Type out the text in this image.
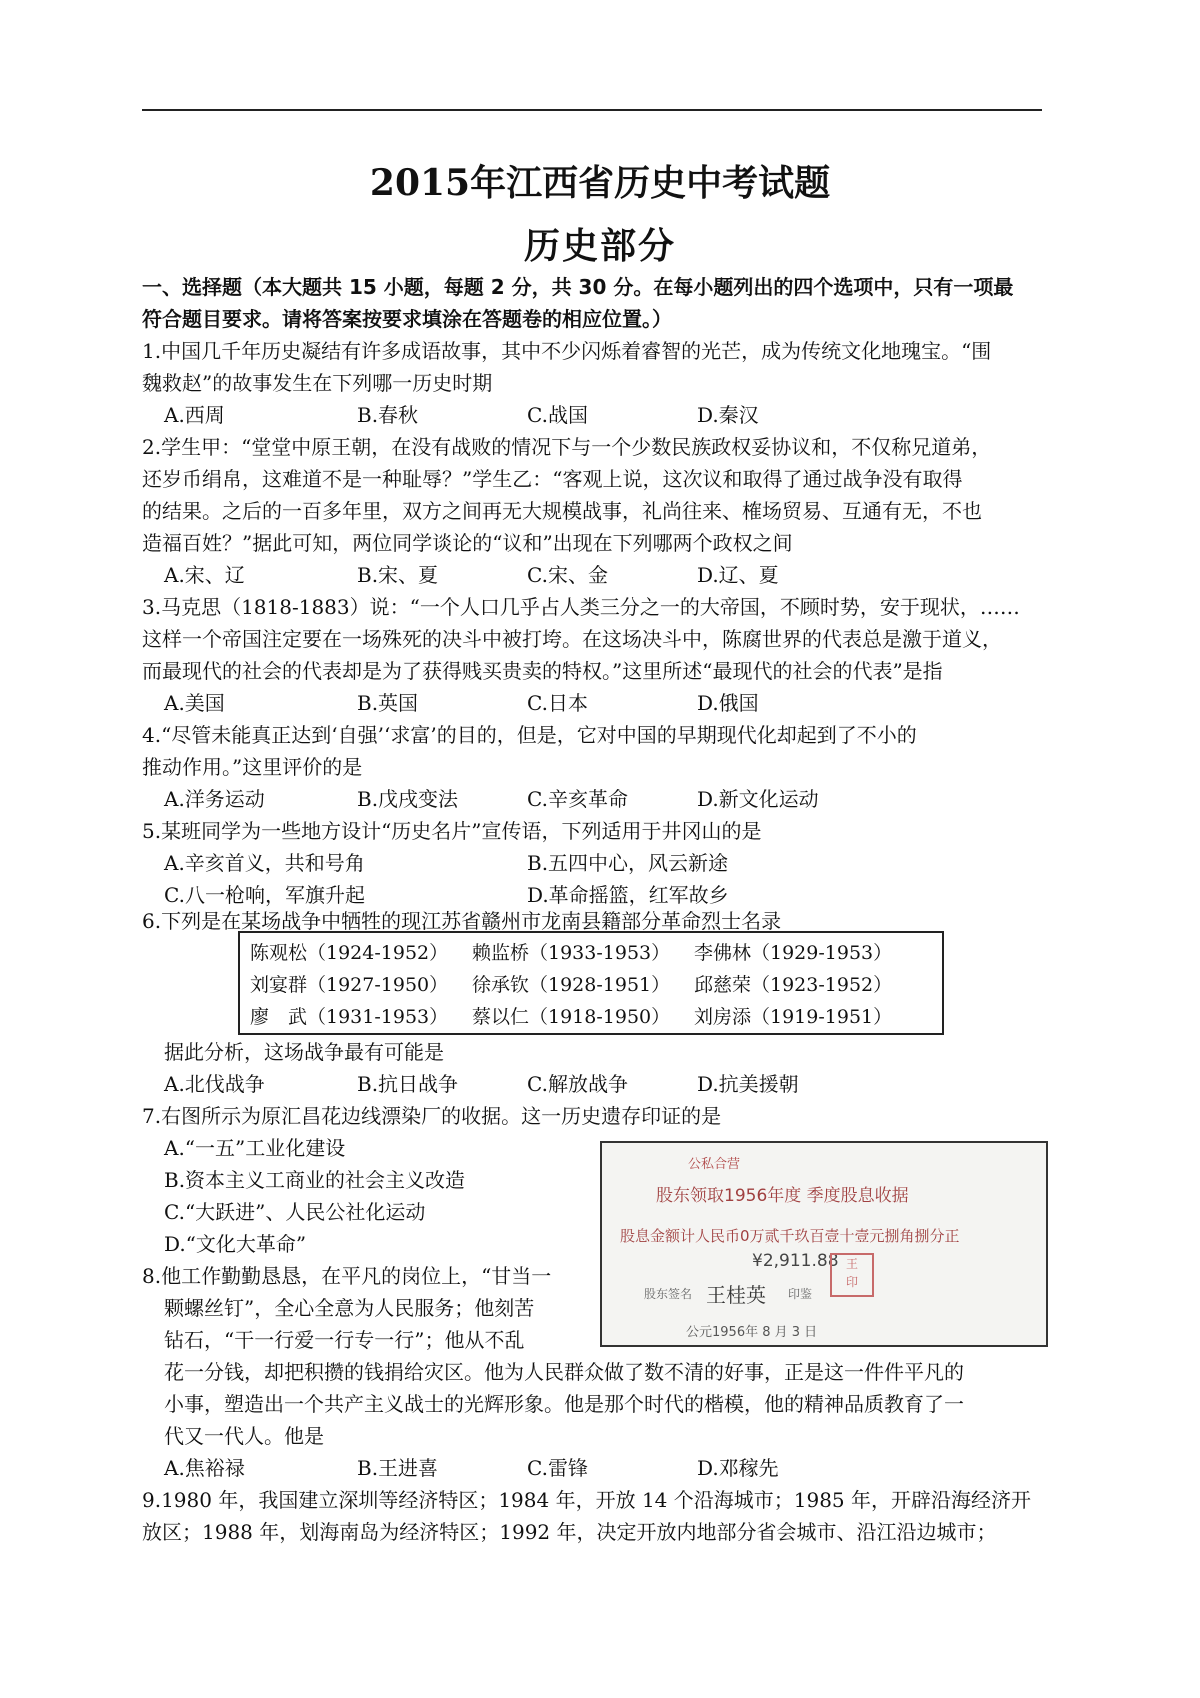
2015年江西省历史中考试题
历史部分
一、选择题（本大题共 15 小题，每题 2 分，共 30 分。在每小题列出的四个选项中，只有一项最
符合题目要求。请将答案按要求填涂在答题卷的相应位置。）
1.中国几千年历史凝结有许多成语故事，其中不少闪烁着睿智的光芒，成为传统文化地瑰宝。“围
魏救赵”的故事发生在下列哪一历史时期
A.西周	B.春秋	C.战国	D.秦汉
2.学生甲：“堂堂中原王朝，在没有战败的情况下与一个少数民族政权妥协议和，不仅称兄道弟，
还岁币绢帛，这难道不是一种耻辱？”学生乙：“客观上说，这次议和取得了通过战争没有取得
的结果。之后的一百多年里，双方之间再无大规模战事，礼尚往来、榷场贸易、互通有无，不也
造福百姓？”据此可知，两位同学谈论的“议和”出现在下列哪两个政权之间
A.宋、辽	B.宋、夏	C.宋、金	D.辽、夏
3.马克思（1818-1883）说：“一个人口几乎占人类三分之一的大帝国，不顾时势，安于现状，……
这样一个帝国注定要在一场殊死的决斗中被打垮。在这场决斗中，陈腐世界的代表总是激于道义，
而最现代的社会的代表却是为了获得贱买贵卖的特权。”这里所述“最现代的社会的代表”是指
A.美国	B.英国	C.日本	D.俄国
4.“尽管未能真正达到‘自强’‘求富’的目的，但是，它对中国的早期现代化却起到了不小的
推动作用。”这里评价的是
A.洋务运动	B.戊戌变法	C.辛亥革命	D.新文化运动
5.某班同学为一些地方设计“历史名片”宣传语，下列适用于井冈山的是
A.辛亥首义，共和号角	B.五四中心，风云新途
C.八一枪响，军旗升起	D.革命摇篮，红军故乡
6.下列是在某场战争中牺牲的现江苏省赣州市龙南县籍部分革命烈士名录
陈观松（1924-1952） 赖监桥（1933-1953） 李佛林（1929-1953）
刘宴群（1927-1950） 徐承钦（1928-1951） 邱慈荣（1923-1952）
廖　武（1931-1953） 蔡以仁（1918-1950） 刘房添（1919-1951）
据此分析，这场战争最有可能是
A.北伐战争	B.抗日战争	C.解放战争	D.抗美援朝
7.右图所示为原汇昌花边线漂染厂的收据。这一历史遗存印证的是
A.“一五”工业化建设
B.资本主义工商业的社会主义改造
C.“大跃进”、人民公社化运动
D.“文化大革命”
公私合营
股东领取1956年度 季度股息收据
股息金额计人民币0万贰千玖百壹十壹元捌角捌分正
¥2,911.88
股东签名 王桂英 印鉴
王
印
公元1956年 8 月 3 日
8.他工作勤勤恳恳，在平凡的岗位上，“甘当一
颗螺丝钉”，全心全意为人民服务；他刻苦
钻石，“干一行爱一行专一行”；他从不乱
花一分钱，却把积攒的钱捐给灾区。他为人民群众做了数不清的好事，正是这一件件平凡的
小事，塑造出一个共产主义战士的光辉形象。他是那个时代的楷模，他的精神品质教育了一
代又一代人。他是
A.焦裕禄	B.王进喜	C.雷锋	D.邓稼先
9.1980 年，我国建立深圳等经济特区；1984 年，开放 14 个沿海城市；1985 年，开辟沿海经济开
放区；1988 年，划海南岛为经济特区；1992 年，决定开放内地部分省会城市、沿江沿边城市；
